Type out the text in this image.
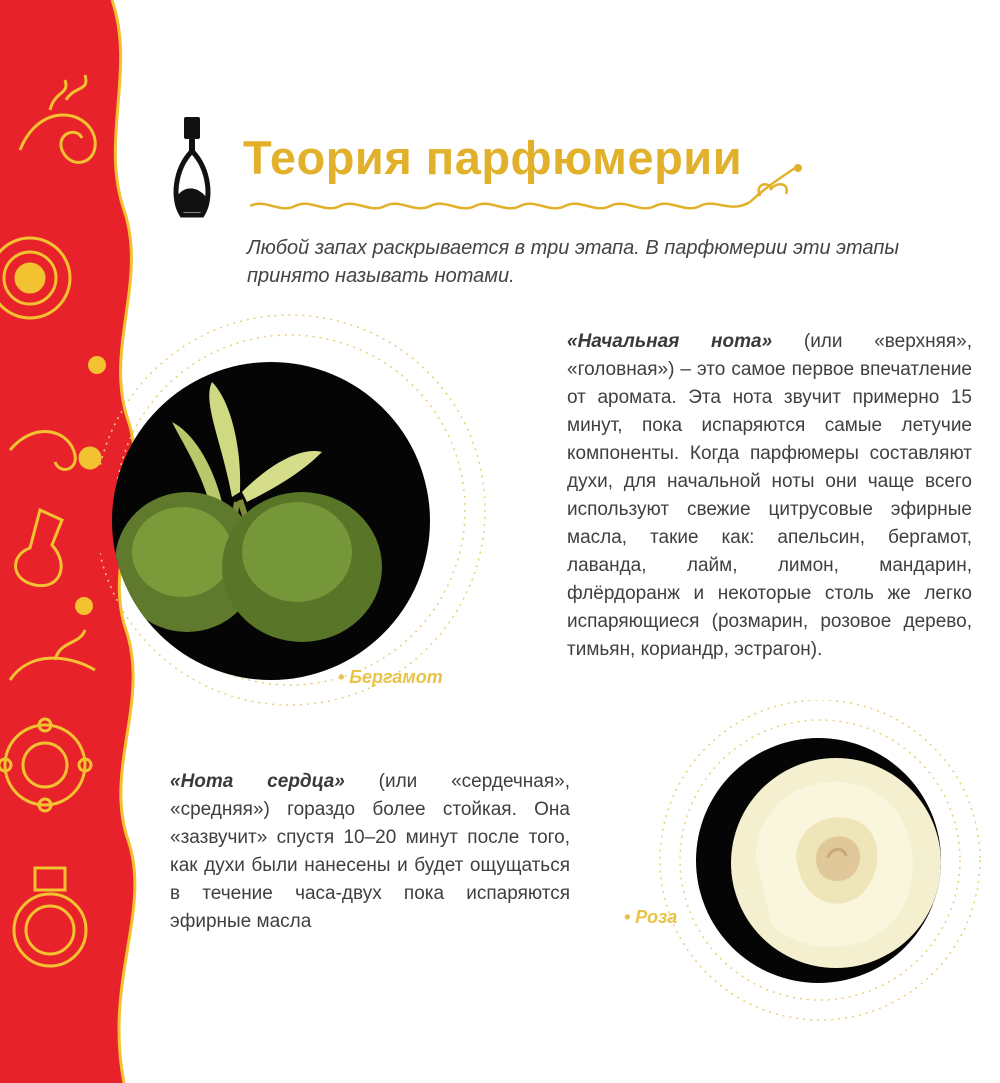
Теория парфюмерии

Любой запах раскрывается в три этапа. В парфюмерии эти этапы принято называть нотами.

• Бергамот

«Начальная нота» (или «верхняя», «головная») – это самое первое впечатление от аромата. Эта нота звучит примерно 15 минут, пока испаряются самые летучие компоненты. Когда парфюмеры составляют духи, для начальной ноты они чаще всего используют свежие цитрусовые эфирные масла, такие как: апельсин, бергамот, лаванда, лайм, лимон, мандарин, флёрдоранж и некоторые столь же легко испаряющиеся (розмарин, розовое дерево, тимьян, кориандр, эстрагон).

• Роза

«Нота сердца» (или «сердечная», «средняя») гораздо более стойкая. Она «зазвучит» спустя 10–20 минут после того, как духи были нанесены и будет ощущаться в течение часа-двух пока испаряются эфирные масла
